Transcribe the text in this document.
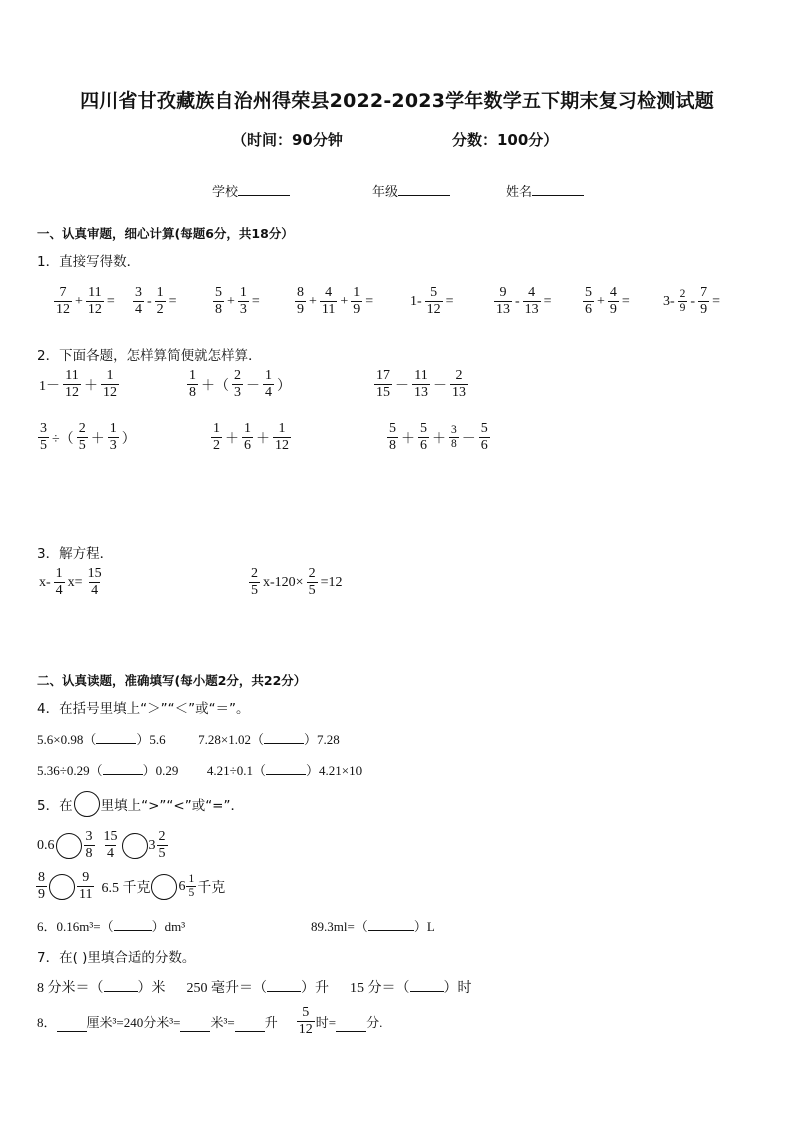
四川省甘孜藏族自治州得荣县2022-2023学年数学五下期末复习检测试题
（时间：90分钟	分数：100分）
学校	年级	姓名
一、认真审题，细心计算(每题6分，共18分）
1．直接写得数．
$\frac{7}{12} + \frac{11}{12} = \frac{3}{4} - \frac{1}{2}$ =	$\frac{5}{8} + \frac{1}{3}$ =	$\frac{8}{9} + \frac{4}{11} + \frac{1}{9}$ =	$1- \frac{5}{12}$ =	$\frac{9}{13} - \frac{4}{13} = \frac{5}{6} + \frac{4}{9} = 3- \frac{2}{9} - \frac{7}{9}$ =
2．下面各题，怎样算简便就怎样算．
$1- \frac{11}{12} + \frac{1}{12}$	$\frac{1}{8}$ ＋（ $\frac{2}{3} - \frac{1}{4}$ ）	$\frac{17}{15} - \frac{11}{13} - \frac{2}{13}$
$\frac{3}{5}$ ÷（ $\frac{2}{5} + \frac{1}{3}$ ）	$\frac{1}{2} + \frac{1}{6} + \frac{1}{12}$	$\frac{5}{8} + \frac{5}{6} + \frac{3}{8} - \frac{5}{6}$
3．解方程．
$x- \frac{1}{4} x= \frac{15}{4}$	$\frac{2}{5} x-120\times \frac{2}{5} =12$
二、认真读题，准确填写(每小题2分，共22分）
4．在括号里填上“＞”“＜”或“＝”。
5.6×0.98（	）5.6	7.28×1.02（	）7.28
5.36÷0.29（	）0.29 4.21÷0.1（	）4.21×10
5．在 里填上“>”“<”或“=”．
$0.6 \frac{3}{8} \frac{15}{4} 3 \frac{2}{5}$
$\frac{8}{9} \frac{9}{11} 6.5$ 千克 $6 \frac{1}{5}$ 千克
6．0.16m³=（	）dm³	89.3ml=（	）L
7．在( )里填合适的分数。
8 分米＝（ ）米 250 毫升＝（ ）升 15 分＝（ ）时
8． 厘米³=240分米³= 米³= 升 $\frac{5}{12}$ 时= 分.
